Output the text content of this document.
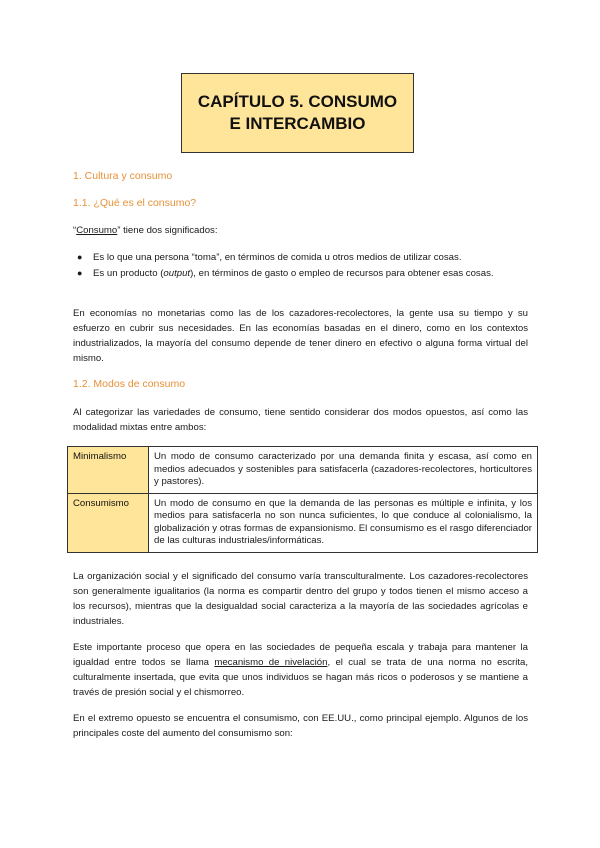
CAPÍTULO 5. CONSUMO
E INTERCAMBIO
1. Cultura y consumo
1.1. ¿Qué es el consumo?
“Consumo” tiene dos significados:
● Es lo que una persona “toma”, en términos de comida u otros medios de utilizar cosas.
● Es un producto (output), en términos de gasto o empleo de recursos para obtener esas cosas.
En economías no monetarias como las de los cazadores-recolectores, la gente usa su tiempo y su esfuerzo en cubrir sus necesidades. En las economías basadas en el dinero, como en los contextos industrializados, la mayoría del consumo depende de tener dinero en efectivo o alguna forma virtual del mismo.
1.2. Modos de consumo
Al categorizar las variedades de consumo, tiene sentido considerar dos modos opuestos, así como las modalidad mixtas entre ambos:
Minimalismo	Un modo de consumo caracterizado por una demanda finita y escasa, así como en medios adecuados y sostenibles para satisfacerla (cazadores-recolectores, horticultores y pastores).
Consumismo	Un modo de consumo en que la demanda de las personas es múltiple e infinita, y los medios para satisfacerla no son nunca suficientes, lo que conduce al colonialismo, la globalización y otras formas de expansionismo. El consumismo es el rasgo diferenciador de las culturas industriales/informáticas.
La organización social y el significado del consumo varía transculturalmente. Los cazadores-recolectores son generalmente igualitarios (la norma es compartir dentro del grupo y todos tienen el mismo acceso a los recursos), mientras que la desigualdad social caracteriza a la mayoría de las sociedades agrícolas e industriales.
Este importante proceso que opera en las sociedades de pequeña escala y trabaja para mantener la igualdad entre todos se llama mecanismo de nivelación, el cual se trata de una norma no escrita, culturalmente insertada, que evita que unos individuos se hagan más ricos o poderosos y se mantiene a través de presión social y el chismorreo.
En el extremo opuesto se encuentra el consumismo, con EE.UU., como principal ejemplo. Algunos de los principales coste del aumento del consumismo son:
